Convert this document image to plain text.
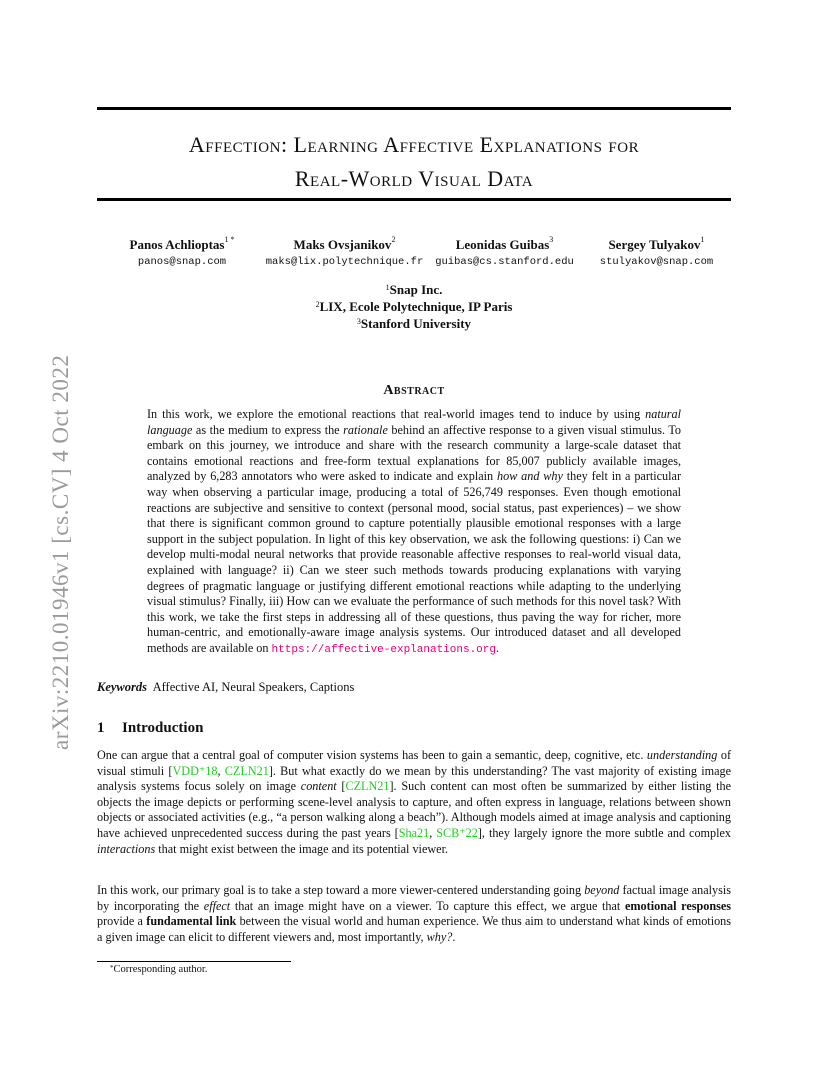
arXiv:2210.01946v1 [cs.CV] 4 Oct 2022
Affection: Learning Affective Explanations for
Real-World Visual Data
Panos Achlioptas$^{1 *}$
panos@snap.com
Maks Ovsjanikov$^2$
maks@lix.polytechnique.fr
Leonidas Guibas$^3$
guibas@cs.stanford.edu
Sergey Tulyakov$^1$
stulyakov@snap.com
$^1$Snap Inc.
$^2$LIX, Ecole Polytechnique, IP Paris
$^3$Stanford University
Abstract
In this work, we explore the emotional reactions that real-world images tend to induce by using natural language as the medium to express the rationale behind an affective response to a given visual stimulus. To embark on this journey, we introduce and share with the research community a large-scale dataset that contains emotional reactions and free-form textual explanations for 85,007 publicly available images, analyzed by 6,283 annotators who were asked to indicate and explain how and why they felt in a particular way when observing a particular image, producing a total of 526,749 responses. Even though emotional reactions are subjective and sensitive to context (personal mood, social status, past experiences) – we show that there is significant common ground to capture potentially plausible emotional responses with a large support in the subject population. In light of this key observation, we ask the following questions: i) Can we develop multi-modal neural networks that provide reasonable affective responses to real-world visual data, explained with language? ii) Can we steer such methods towards producing explanations with varying degrees of pragmatic language or justifying different emotional reactions while adapting to the underlying visual stimulus? Finally, iii) How can we evaluate the performance of such methods for this novel task? With this work, we take the first steps in addressing all of these questions, thus paving the way for richer, more human-centric, and emotionally-aware image analysis systems. Our introduced dataset and all developed methods are available on https://affective-explanations.org.
Keywords Affective AI, Neural Speakers, Captions
1 Introduction
One can argue that a central goal of computer vision systems has been to gain a semantic, deep, cognitive, etc. understanding of visual stimuli [VDD⁺18, CZLN21]. But what exactly do we mean by this understanding? The vast majority of existing image analysis systems focus solely on image content [CZLN21]. Such content can most often be summarized by either listing the objects the image depicts or performing scene-level analysis to capture, and often express in language, relations between shown objects or associated activities (e.g., “a person walking along a beach”). Although models aimed at image analysis and captioning have achieved unprecedented success during the past years [Sha21, SCB⁺22], they largely ignore the more subtle and complex interactions that might exist between the image and its potential viewer.
In this work, our primary goal is to take a step toward a more viewer-centered understanding going beyond factual image analysis by incorporating the effect that an image might have on a viewer. To capture this effect, we argue that emotional responses provide a fundamental link between the visual world and human experience. We thus aim to understand what kinds of emotions a given image can elicit to different viewers and, most importantly, why?.
*Corresponding author.
